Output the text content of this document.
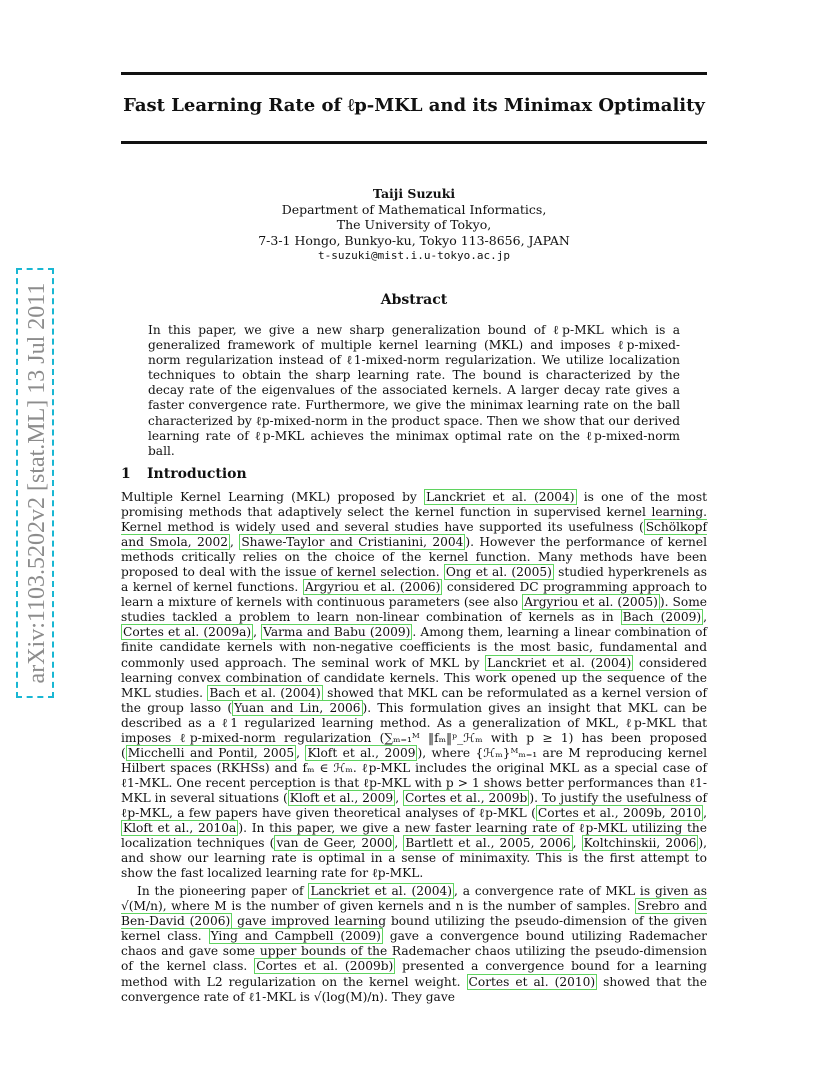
Fast Learning Rate of ℓp-MKL and its Minimax Optimality
arXiv:1103.5202v2 [stat.ML] 13 Jul 2011
Taiji Suzuki
Department of Mathematical Informatics,
The University of Tokyo,
7-3-1 Hongo, Bunkyo-ku, Tokyo 113-8656, JAPAN
t-suzuki@mist.i.u-tokyo.ac.jp
Abstract

In this paper, we give a new sharp generalization bound of ℓp-MKL which is a generalized framework of multiple kernel learning (MKL) and imposes ℓp-mixed-norm regularization instead of ℓ1-mixed-norm regularization. We utilize localization techniques to obtain the sharp learning rate. The bound is characterized by the decay rate of the eigenvalues of the associated kernels. A larger decay rate gives a faster convergence rate. Furthermore, we give the minimax learning rate on the ball characterized by ℓp-mixed-norm in the product space. Then we show that our derived learning rate of ℓp-MKL achieves the minimax optimal rate on the ℓp-mixed-norm ball.

1 Introduction

Multiple Kernel Learning (MKL) proposed by Lanckriet et al. (2004) is one of the most promising methods that adaptively select the kernel function in supervised kernel learning. Kernel method is widely used and several studies have supported its usefulness ( Schölkopf and Smola, 2002 , Shawe-Taylor and Cristianini, 2004 ). However the performance of kernel methods critically relies on the choice of the kernel function. Many methods have been proposed to deal with the issue of kernel selection. Ong et al. (2005) studied hyperkrenels as a kernel of kernel functions. Argyriou et al. (2006) considered DC programming approach to learn a mixture of kernels with continuous parameters (see also Argyriou et al. (2005) ). Some studies tackled a problem to learn non-linear combination of kernels as in Bach (2009) , Cortes et al. (2009a) , Varma and Babu (2009) . Among them, learning a linear combination of finite candidate kernels with non-negative coefficients is the most basic, fundamental and commonly used approach. The seminal work of MKL by Lanckriet et al. (2004) considered learning convex combination of candidate kernels. This work opened up the sequence of the MKL studies. Bach et al. (2004) showed that MKL can be reformulated as a kernel version of the group lasso ( Yuan and Lin, 2006 ). This formulation gives an insight that MKL can be described as a ℓ1 regularized learning method. As a generalization of MKL, ℓp-MKL that imposes ℓp-mixed-norm regularization (∑ₘ₌₁ᴹ ‖fₘ‖ᵖ_ℋₘ with p ≥ 1) has been proposed ( Micchelli and Pontil, 2005 , Kloft et al., 2009 ), where {ℋₘ}ᴹₘ₌₁ are M reproducing kernel Hilbert spaces (RKHSs) and fₘ ∈ ℋₘ. ℓp-MKL includes the original MKL as a special case of ℓ1-MKL. One recent perception is that ℓp-MKL with p > 1 shows better performances than ℓ1-MKL in several situations ( Kloft et al., 2009 , Cortes et al., 2009b ). To justify the usefulness of ℓp-MKL, a few papers have given theoretical analyses of ℓp-MKL ( Cortes et al., 2009b, 2010 , Kloft et al., 2010a ). In this paper, we give a new faster learning rate of ℓp-MKL utilizing the localization techniques ( van de Geer, 2000 , Bartlett et al., 2005, 2006 , Koltchinskii, 2006 ), and show our learning rate is optimal in a sense of minimaxity. This is the first attempt to show the fast localized learning rate for ℓp-MKL.

In the pioneering paper of Lanckriet et al. (2004) , a convergence rate of MKL is given as √(M/n), where M is the number of given kernels and n is the number of samples. Srebro and Ben-David (2006) gave improved learning bound utilizing the pseudo-dimension of the given kernel class. Ying and Campbell (2009) gave a convergence bound utilizing Rademacher chaos and gave some upper bounds of the Rademacher chaos utilizing the pseudo-dimension of the kernel class. Cortes et al. (2009b) presented a convergence bound for a learning method with L2 regularization on the kernel weight. Cortes et al. (2010) showed that the convergence rate of ℓ1-MKL is √(log(M)/n). They gave
